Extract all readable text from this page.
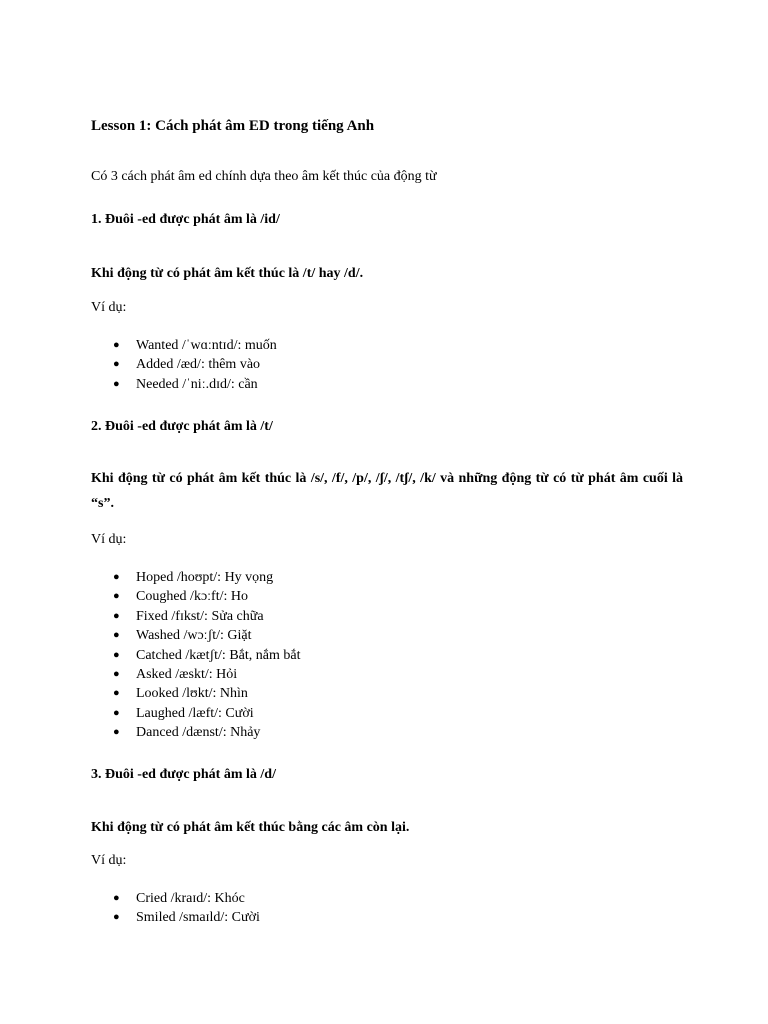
Lesson 1: Cách phát âm ED trong tiếng Anh
Có 3 cách phát âm ed chính dựa theo âm kết thúc của động từ
1. Đuôi -ed được phát âm là /id/
Khi động từ có phát âm kết thúc là /t/ hay /d/.
Ví dụ:
● Wanted /ˈwɑːntɪd/: muốn
● Added /æd/: thêm vào
● Needed /ˈniː.dɪd/: cần
2. Đuôi -ed được phát âm là /t/
Khi động từ có phát âm kết thúc là /s/, /f/, /p/, /ʃ/, /tʃ/, /k/ và những động từ có từ phát âm cuối là “s”.
Ví dụ:
● Hoped /hoʊpt/: Hy vọng
● Coughed /kɔːft/: Ho
● Fixed /fɪkst/: Sửa chữa
● Washed /wɔːʃt/: Giặt
● Catched /kætʃt/: Bắt, nắm bắt
● Asked /æskt/: Hỏi
● Looked /lʊkt/: Nhìn
● Laughed /læft/: Cười
● Danced /dænst/: Nhảy
3. Đuôi -ed được phát âm là /d/
Khi động từ có phát âm kết thúc bằng các âm còn lại.
Ví dụ:
● Cried /kraɪd/: Khóc
● Smiled /smaɪld/: Cười
